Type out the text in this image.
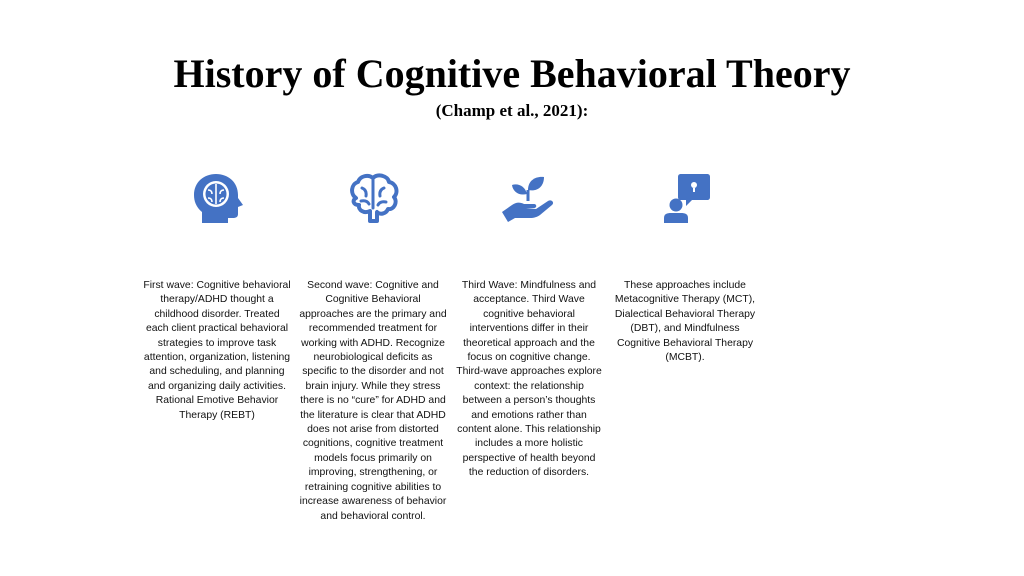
History of Cognitive Behavioral Theory
(Champ et al., 2021):
First wave: Cognitive behavioral therapy/ADHD thought a childhood disorder. Treated each client practical behavioral strategies to improve task attention, organization, listening and scheduling, and planning and organizing daily activities. Rational Emotive Behavior Therapy (REBT)
Second wave: Cognitive and Cognitive Behavioral approaches are the primary and recommended treatment for working with ADHD. Recognize neurobiological deficits as specific to the disorder and not brain injury. While they stress there is no “cure” for ADHD and the literature is clear that ADHD does not arise from distorted cognitions, cognitive treatment models focus primarily on improving, strengthening, or retraining cognitive abilities to increase awareness of behavior and behavioral control.
Third Wave: Mindfulness and acceptance. Third Wave cognitive behavioral interventions differ in their theoretical approach and the focus on cognitive change. Third-wave approaches explore context: the relationship between a person’s thoughts and emotions rather than content alone. This relationship includes a more holistic perspective of health beyond the reduction of disorders.
These approaches include Metacognitive Therapy (MCT), Dialectical Behavioral Therapy (DBT), and Mindfulness Cognitive Behavioral Therapy (MCBT).
